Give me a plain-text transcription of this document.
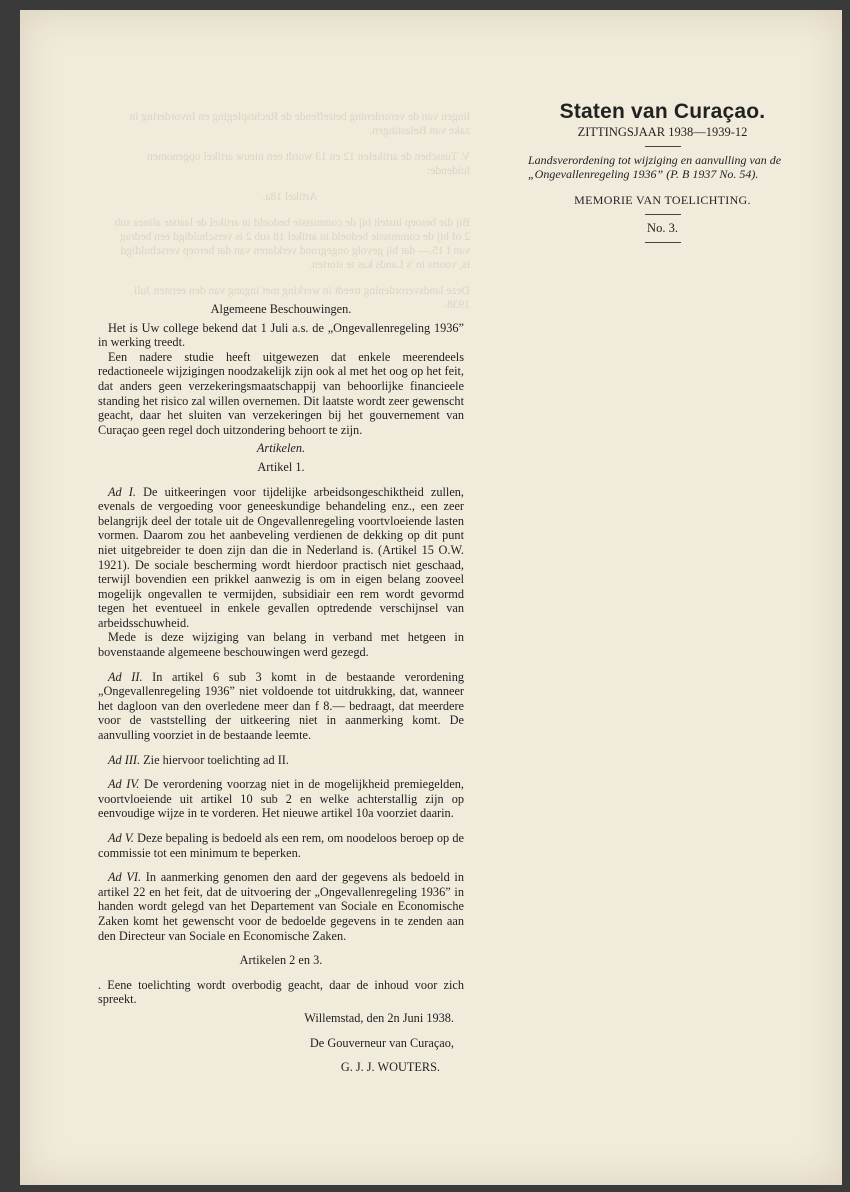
lingen van de verordening betreffende de Rechtspleging en Invordering in zake van Belastingen.

V. Tusschen de artikelen 12 en 13 wordt een nieuw artikel opgenomen luidende:

Artikel 18a.

Bij die beroep instelt bij de commissie bedoeld in artikel de laatste alinea sub 2 of bij de commissie bedoeld in artikel 18 sub 2 is verschuldigd een bedrag van f 15.— dat bij gevolg ongegrond verklaren van dat beroep verschuldigd is, voorts in 's Lands kas te storten.

Deze landsverordening treedt in werking met ingang van den eersten Juli 1938.

Staten van Curaçao.
ZITTINGSJAAR 1938—1939-12
Landsverordening tot wijziging en aanvulling van de „Ongevallenregeling 1936” (P. B 1937 No. 54).
MEMORIE VAN TOELICHTING.
No. 3.

Algemeene Beschouwingen.

Het is Uw college bekend dat 1 Juli a.s. de „Ongevallenregeling 1936” in werking treedt.

Een nadere studie heeft uitgewezen dat enkele meerendeels redactioneele wijzigingen noodzakelijk zijn ook al met het oog op het feit, dat anders geen verzekeringsmaatschappij van behoorlijke financieele standing het risico zal willen overnemen. Dit laatste wordt zeer gewenscht geacht, daar het sluiten van verzekeringen bij het gouvernement van Curaçao geen regel doch uitzondering behoort te zijn.

Artikelen.

Artikel 1.

Ad I. De uitkeeringen voor tijdelijke arbeidsongeschiktheid zullen, evenals de vergoeding voor geneeskundige behandeling enz., een zeer belangrijk deel der totale uit de Ongevallenregeling voortvloeiende lasten vormen. Daarom zou het aanbeveling verdienen de dekking op dit punt niet uitgebreider te doen zijn dan die in Nederland is. (Artikel 15 O.W. 1921). De sociale bescherming wordt hierdoor practisch niet geschaad, terwijl bovendien een prikkel aanwezig is om in eigen belang zooveel mogelijk ongevallen te vermijden, subsidiair een rem wordt gevormd tegen het eventueel in enkele gevallen optredende verschijnsel van arbeidsschuwheid.

Mede is deze wijziging van belang in verband met hetgeen in bovenstaande algemeene beschouwingen werd gezegd.

Ad II. In artikel 6 sub 3 komt in de bestaande verordening „Ongevallenregeling 1936” niet voldoende tot uitdrukking, dat, wanneer het dagloon van den overledene meer dan f 8.— bedraagt, dat meerdere voor de vaststelling der uitkeering niet in aanmerking komt. De aanvulling voorziet in de bestaande leemte.

Ad III. Zie hiervoor toelichting ad II.

Ad IV. De verordening voorzag niet in de mogelijkheid premiegelden, voortvloeiende uit artikel 10 sub 2 en welke achterstallig zijn op eenvoudige wijze in te vorderen. Het nieuwe artikel 10a voorziet daarin.

Ad V. Deze bepaling is bedoeld als een rem, om noodeloos beroep op de commissie tot een minimum te beperken.

Ad VI. In aanmerking genomen den aard der gegevens als bedoeld in artikel 22 en het feit, dat de uitvoering der „Ongevallenregeling 1936” in handen wordt gelegd van het Departement van Sociale en Economische Zaken komt het gewenscht voor de bedoelde gegevens in te zenden aan den Directeur van Sociale en Economische Zaken.

Artikelen 2 en 3.

. Eene toelichting wordt overbodig geacht, daar de inhoud voor zich spreekt.

Willemstad, den 2n Juni 1938.

De Gouverneur van Curaçao,

G. J. J. WOUTERS.
